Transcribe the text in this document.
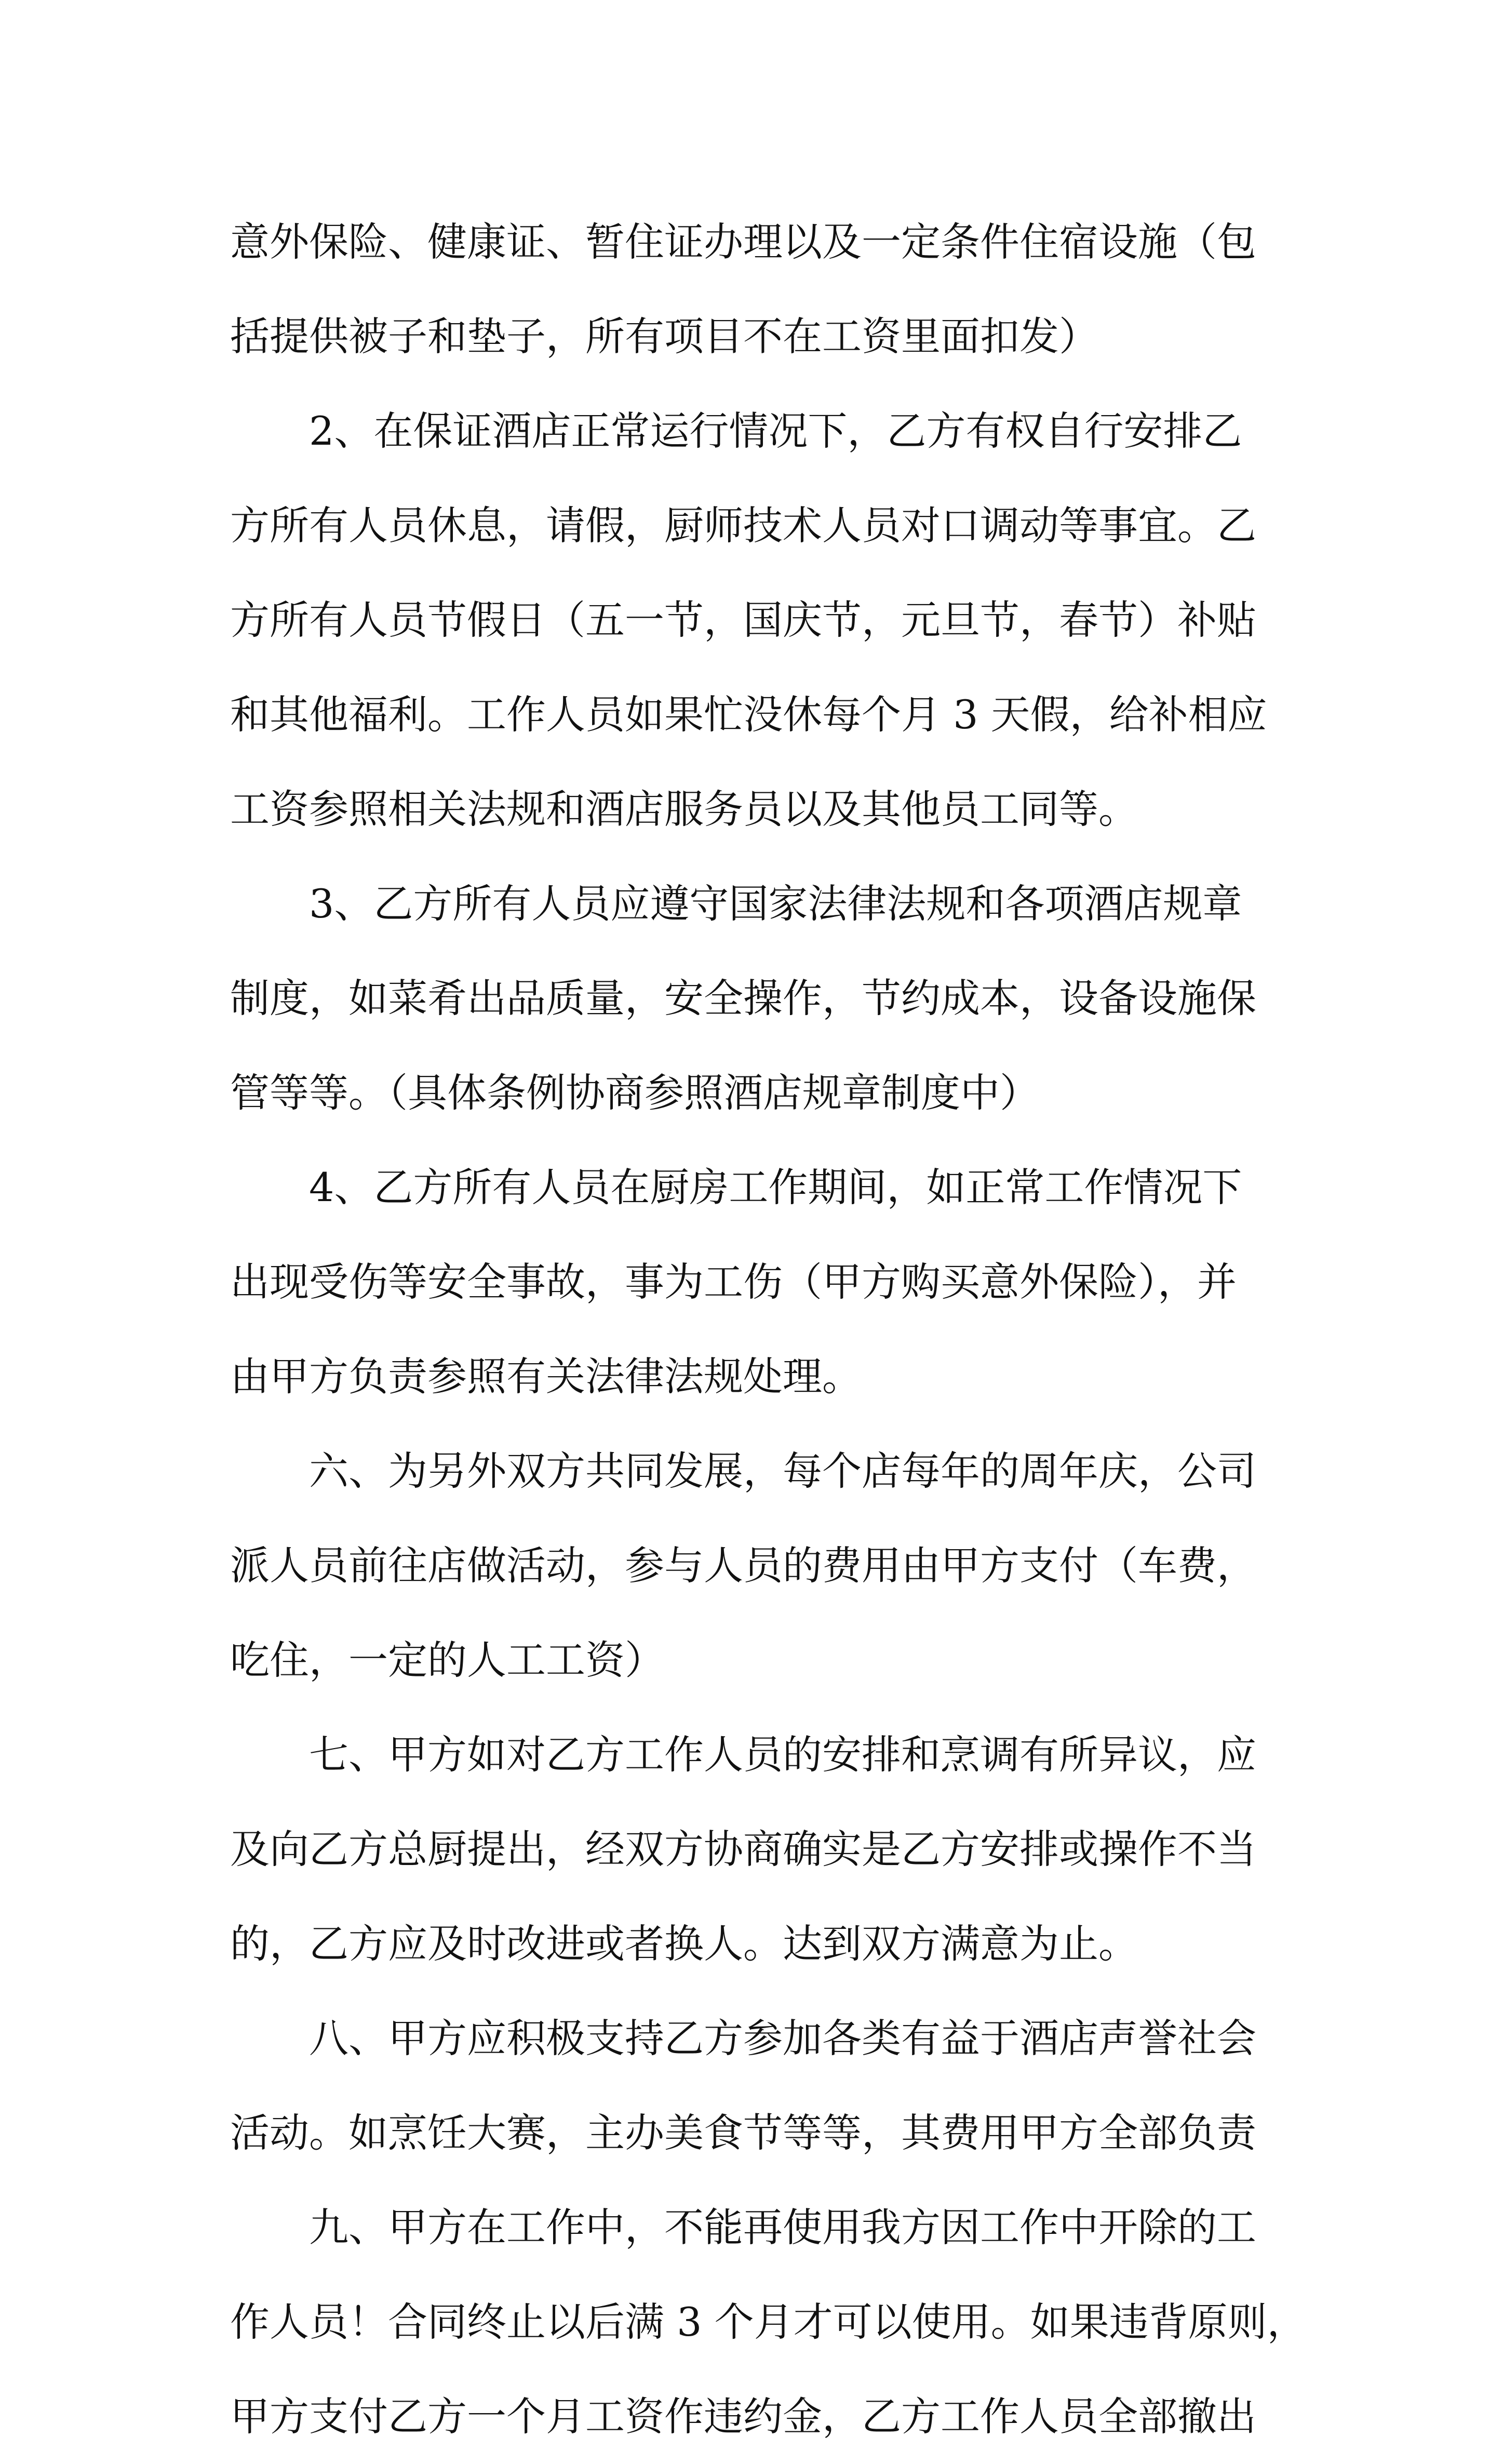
意外保险、健康证、暂住证办理以及一定条件住宿设施（包
括提供被子和垫子，所有项目不在工资里面扣发）
2、在保证酒店正常运行情况下，乙方有权自行安排乙
方所有人员休息，请假，厨师技术人员对口调动等事宜。乙
方所有人员节假日（五一节，国庆节，元旦节，春节）补贴
和其他福利。工作人员如果忙没休每个月 3 天假，给补相应
工资参照相关法规和酒店服务员以及其他员工同等。
3、乙方所有人员应遵守国家法律法规和各项酒店规章
制度，如菜肴出品质量，安全操作，节约成本，设备设施保
管等等。（具体条例协商参照酒店规章制度中）
4、乙方所有人员在厨房工作期间，如正常工作情况下
出现受伤等安全事故，事为工伤（甲方购买意外保险），并
由甲方负责参照有关法律法规处理。
六、为另外双方共同发展，每个店每年的周年庆，公司
派人员前往店做活动，参与人员的费用由甲方支付（车费，
吃住，一定的人工工资）
七、甲方如对乙方工作人员的安排和烹调有所异议，应
及向乙方总厨提出，经双方协商确实是乙方安排或操作不当
的，乙方应及时改进或者换人。达到双方满意为止。
八、甲方应积极支持乙方参加各类有益于酒店声誉社会
活动。如烹饪大赛，主办美食节等等，其费用甲方全部负责
九、甲方在工作中，不能再使用我方因工作中开除的工
作人员！合同终止以后满 3 个月才可以使用。如果违背原则，
甲方支付乙方一个月工资作违约金，乙方工作人员全部撤出
